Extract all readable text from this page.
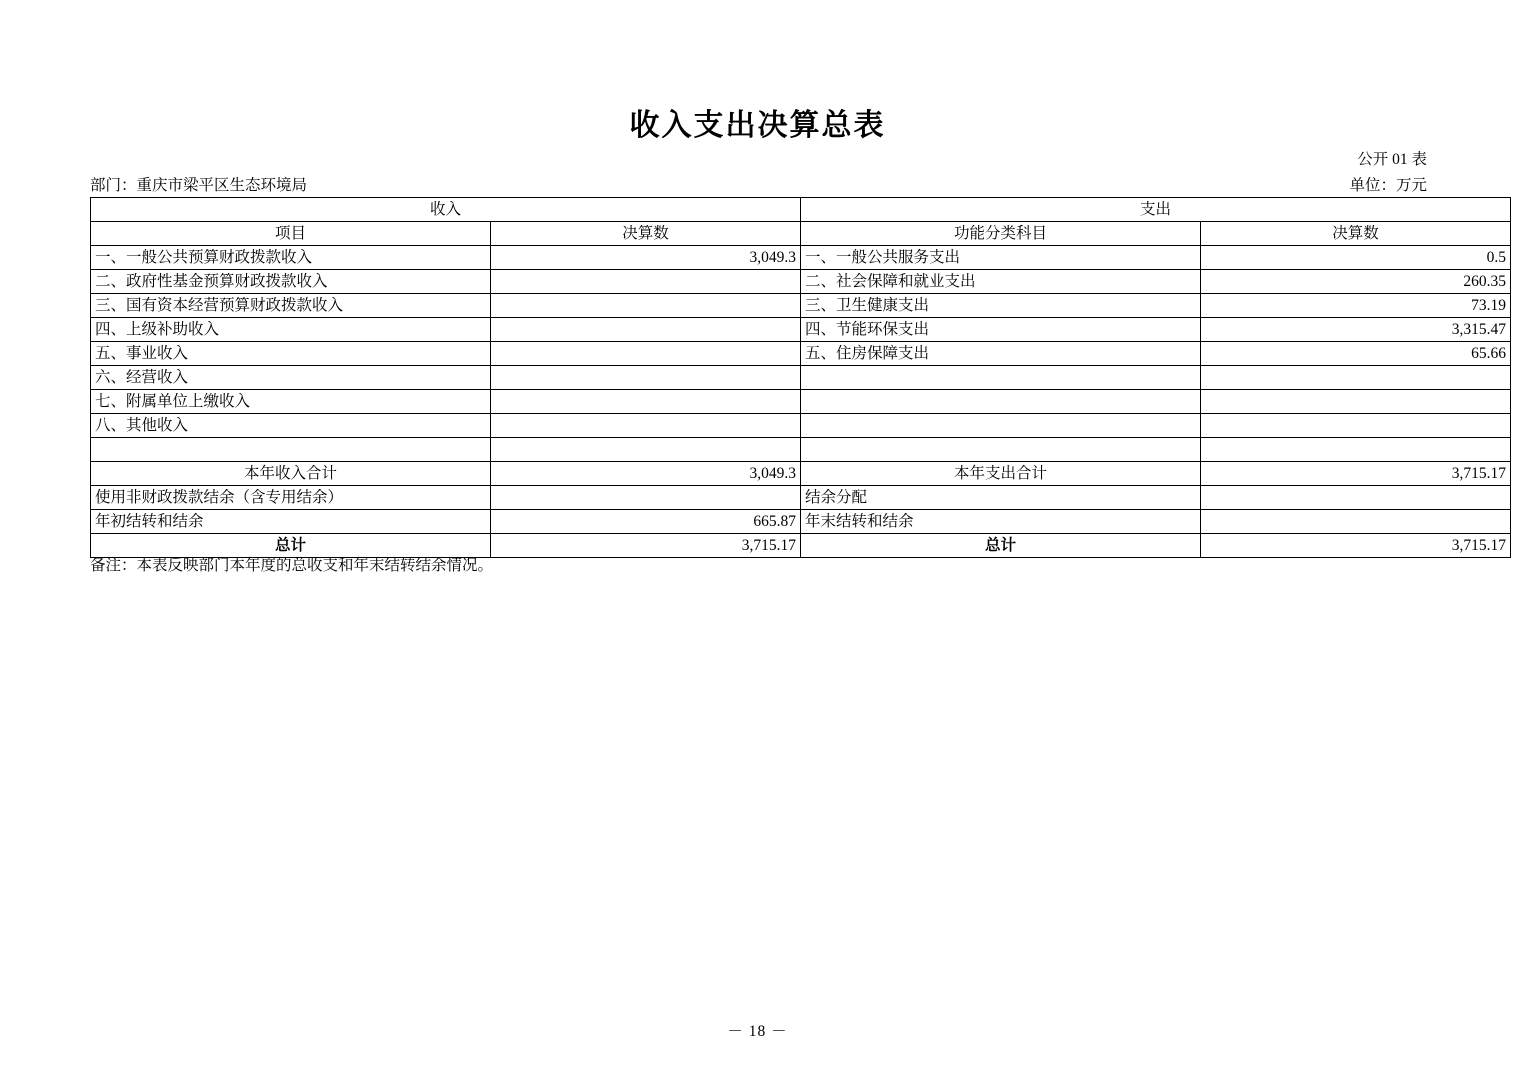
收入支出决算总表
公开 01 表
部门：重庆市梁平区生态环境局	单位：万元
收入		支出	
项目	决算数	功能分类科目	决算数
一、一般公共预算财政拨款收入	3,049.3	一、一般公共服务支出	0.5
二、政府性基金预算财政拨款收入		二、社会保障和就业支出	260.35
三、国有资本经营预算财政拨款收入		三、卫生健康支出	73.19
四、上级补助收入		四、节能环保支出	3,315.47
五、事业收入		五、住房保障支出	65.66
六、经营收入			
七、附属单位上缴收入			
八、其他收入			

本年收入合计	3,049.3	本年支出合计	3,715.17
使用非财政拨款结余（含专用结余）		结余分配	
年初结转和结余	665.87	年末结转和结余	
总计	3,715.17	总计	3,715.17
备注：本表反映部门本年度的总收支和年末结转结余情况。
－ 18 －
